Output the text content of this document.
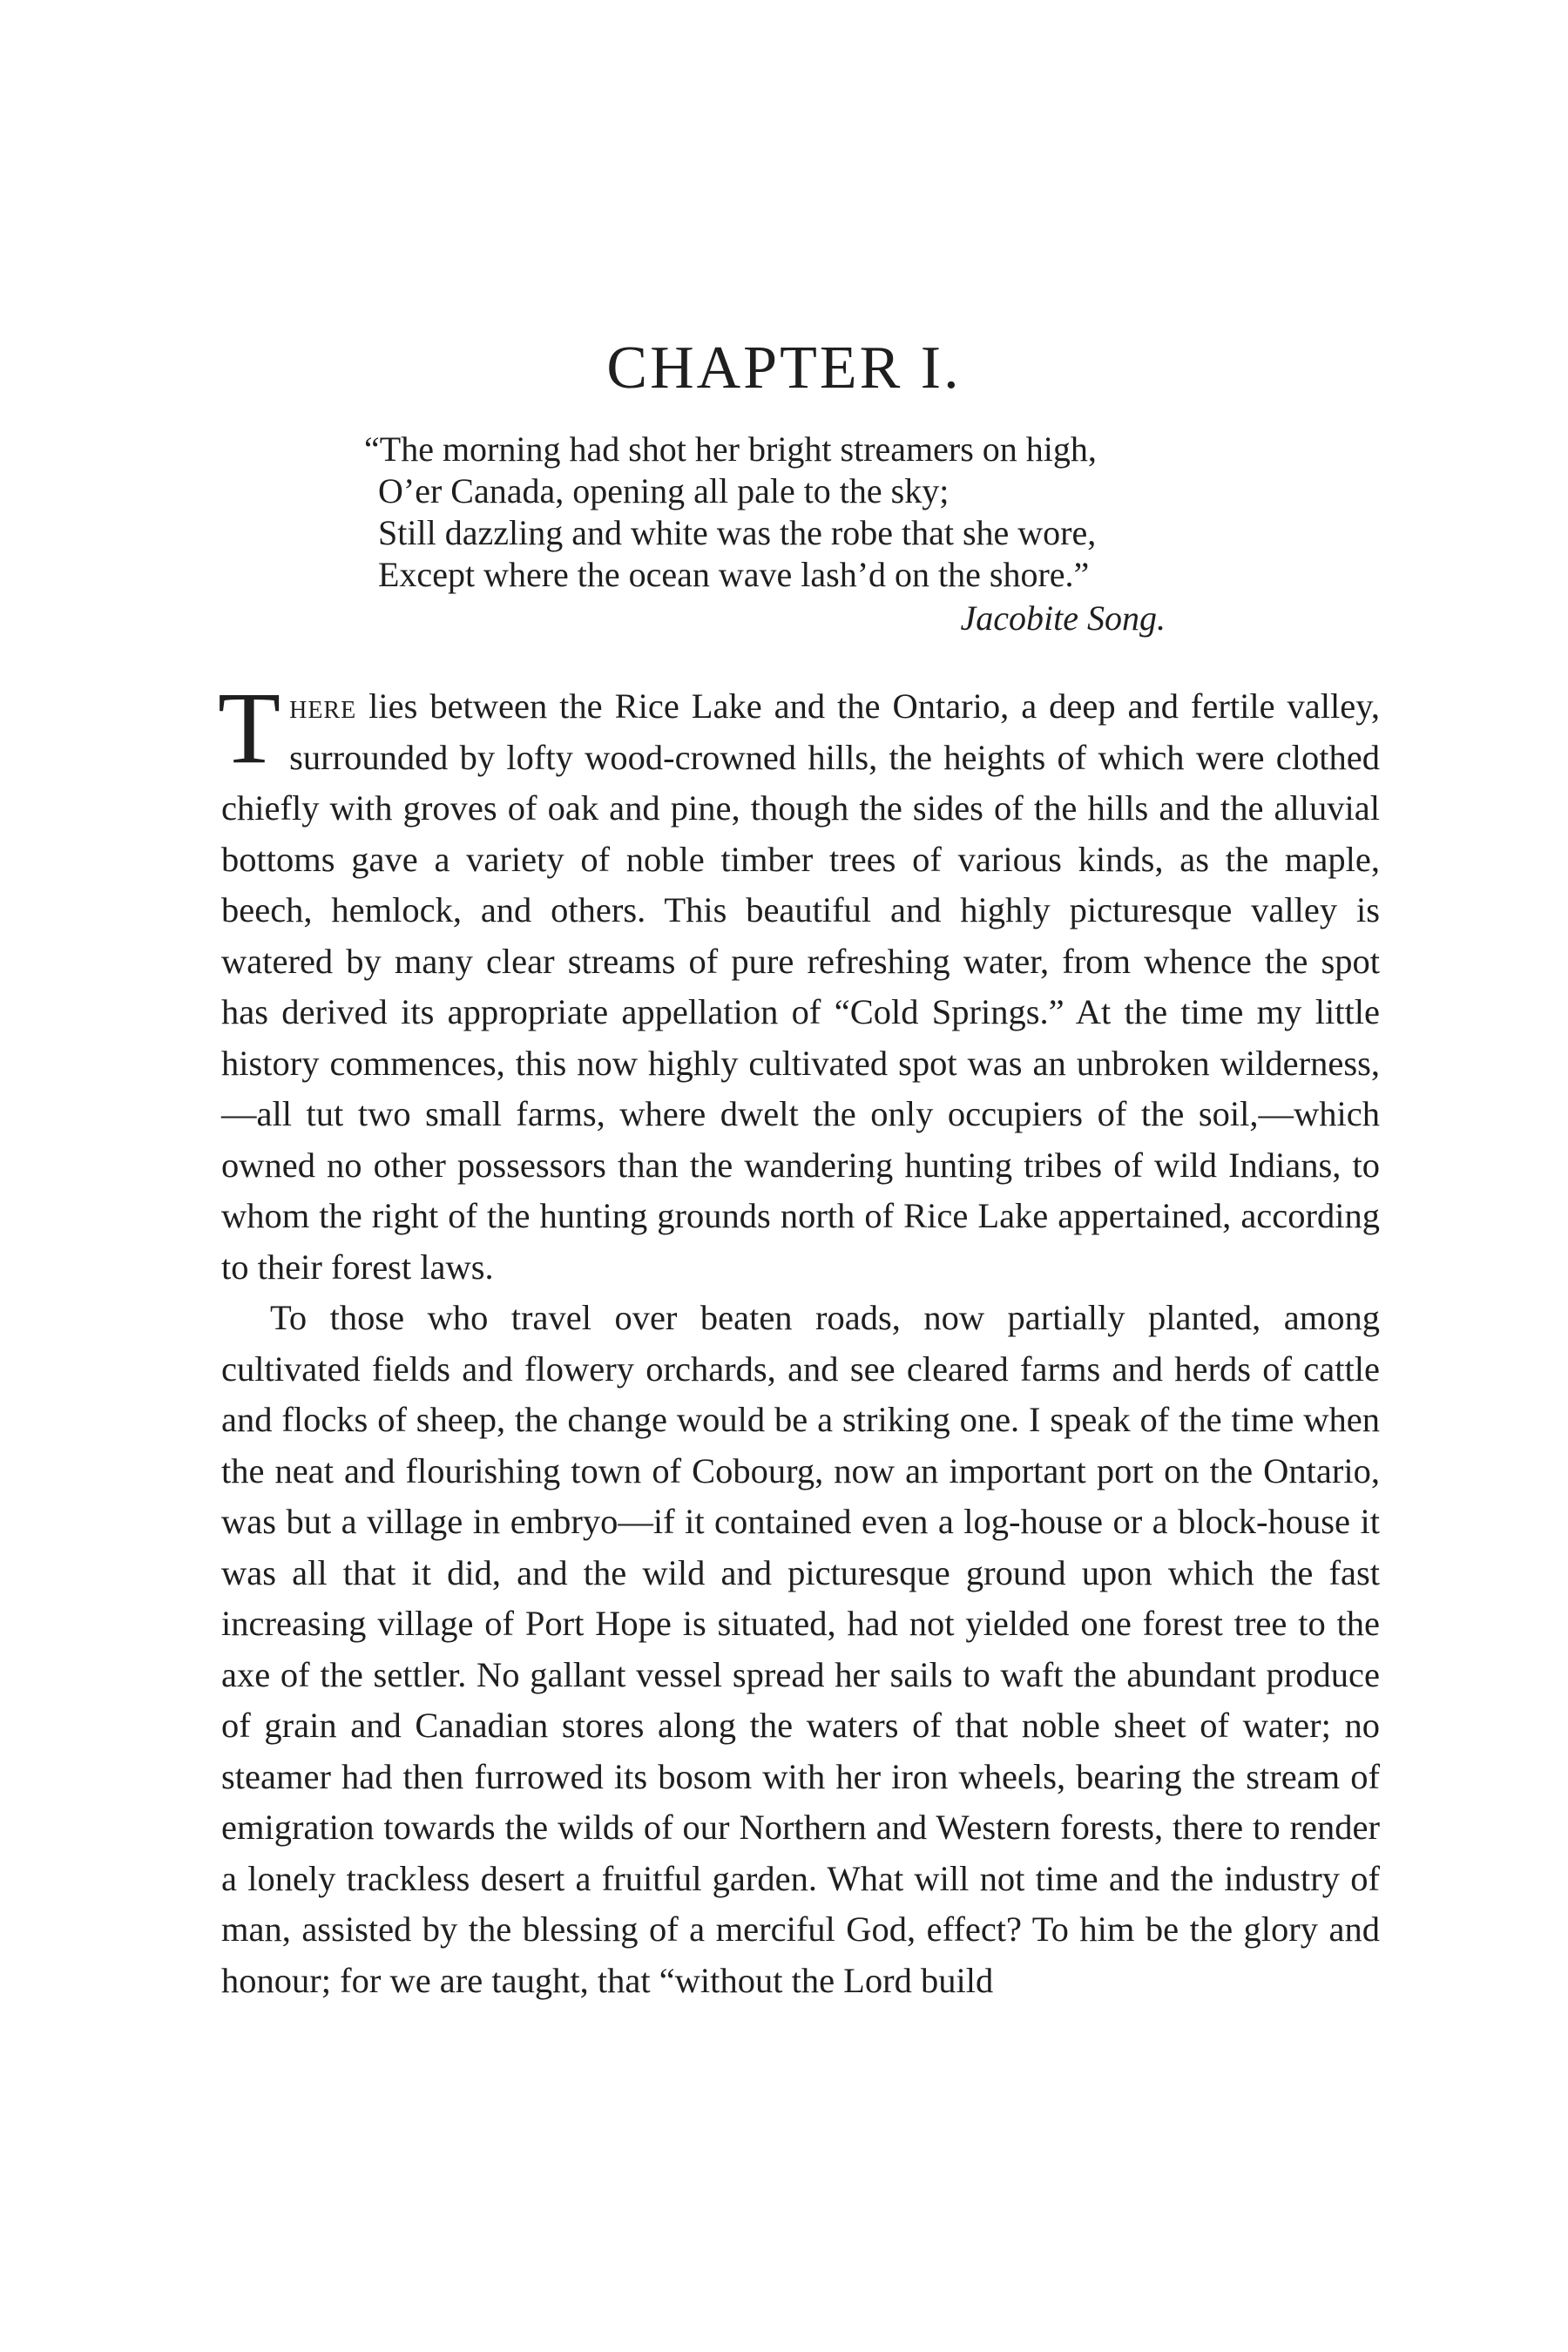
CHAPTER I.
“The morning had shot her bright streamers on high,
O’er Canada, opening all pale to the sky;
Still dazzling and white was the robe that she wore,
Except where the ocean wave lash’d on the shore.”
Jacobite Song.

There lies between the Rice Lake and the Ontario, a deep and fertile valley, surrounded by lofty wood-crowned hills, the heights of which were clothed chiefly with groves of oak and pine, though the sides of the hills and the alluvial bottoms gave a variety of noble timber trees of various kinds, as the maple, beech, hemlock, and others. This beautiful and highly picturesque valley is watered by many clear streams of pure refreshing water, from whence the spot has derived its appropriate appellation of “Cold Springs.” At the time my little history commences, this now highly cultivated spot was an unbroken wilderness,—all tut two small farms, where dwelt the only occupiers of the soil,—which owned no other possessors than the wandering hunting tribes of wild Indians, to whom the right of the hunting grounds north of Rice Lake appertained, according to their forest laws.

To those who travel over beaten roads, now partially planted, among cultivated fields and flowery orchards, and see cleared farms and herds of cattle and flocks of sheep, the change would be a striking one. I speak of the time when the neat and flourishing town of Cobourg, now an important port on the Ontario, was but a village in embryo—if it contained even a log-house or a block-house it was all that it did, and the wild and picturesque ground upon which the fast increasing village of Port Hope is situated, had not yielded one forest tree to the axe of the settler. No gallant vessel spread her sails to waft the abundant produce of grain and Canadian stores along the waters of that noble sheet of water; no steamer had then furrowed its bosom with her iron wheels, bearing the stream of emigration towards the wilds of our Northern and Western forests, there to render a lonely trackless desert a fruitful garden. What will not time and the industry of man, assisted by the blessing of a merciful God, effect? To him be the glory and honour; for we are taught, that “without the Lord build
